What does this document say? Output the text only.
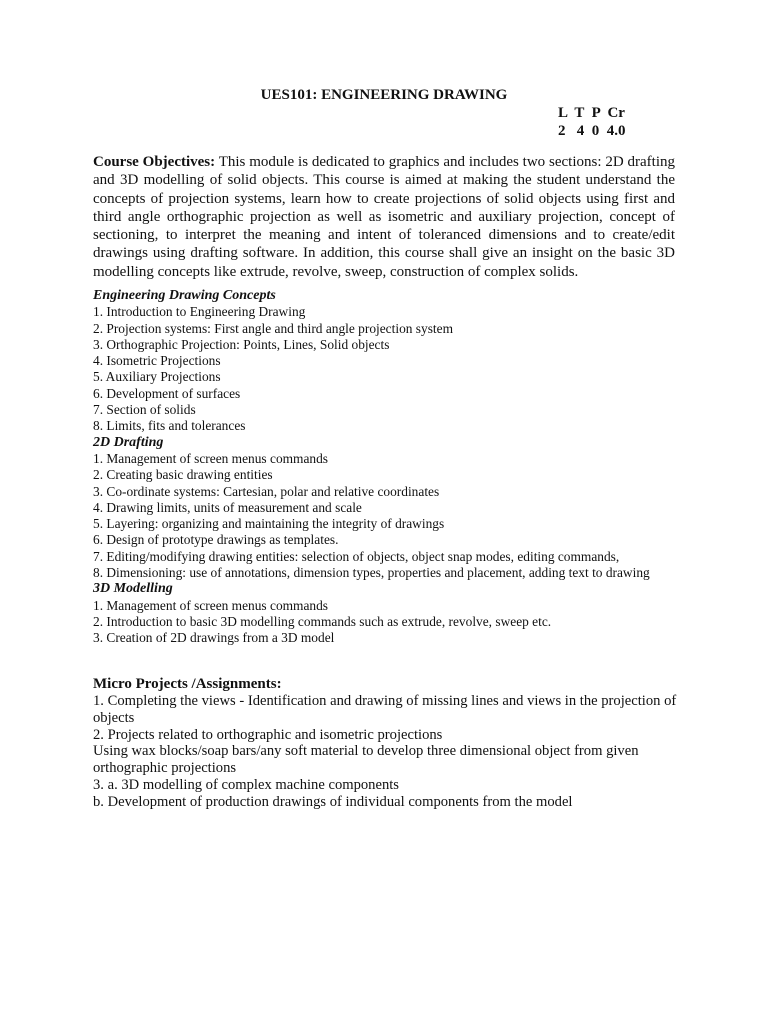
UES101: ENGINEERING DRAWING
L  T  P  Cr
2   4  0  4.0
Course Objectives: This module is dedicated to graphics and includes two sections: 2D drafting and 3D modelling of solid objects. This course is aimed at making the student understand the concepts of projection systems, learn how to create projections of solid objects using first and third angle orthographic projection as well as isometric and auxiliary projection, concept of sectioning, to interpret the meaning and intent of toleranced dimensions and to create/edit drawings using drafting software. In addition, this course shall give an insight on the basic 3D modelling concepts like extrude, revolve, sweep, construction of complex solids.
Engineering Drawing Concepts
1. Introduction to Engineering Drawing
2. Projection systems: First angle and third angle projection system
3. Orthographic Projection: Points, Lines, Solid objects
4. Isometric Projections
5. Auxiliary Projections
6. Development of surfaces
7. Section of solids
8. Limits, fits and tolerances
2D Drafting
1. Management of screen menus commands
2. Creating basic drawing entities
3. Co-ordinate systems: Cartesian, polar and relative coordinates
4. Drawing limits, units of measurement and scale
5. Layering: organizing and maintaining the integrity of drawings
6. Design of prototype drawings as templates.
7. Editing/modifying drawing entities: selection of objects, object snap modes, editing commands,
8. Dimensioning: use of annotations, dimension types, properties and placement, adding text to drawing
3D Modelling
1. Management of screen menus commands
2. Introduction to basic 3D modelling commands such as extrude, revolve, sweep etc.
3. Creation of 2D drawings from a 3D model
Micro Projects /Assignments:
1. Completing the views - Identification and drawing of missing lines and views in the projection of
objects
2. Projects related to orthographic and isometric projections
Using wax blocks/soap bars/any soft material to develop three dimensional object from given orthographic projections
3. a. 3D modelling of complex machine components
b. Development of production drawings of individual components from the model
